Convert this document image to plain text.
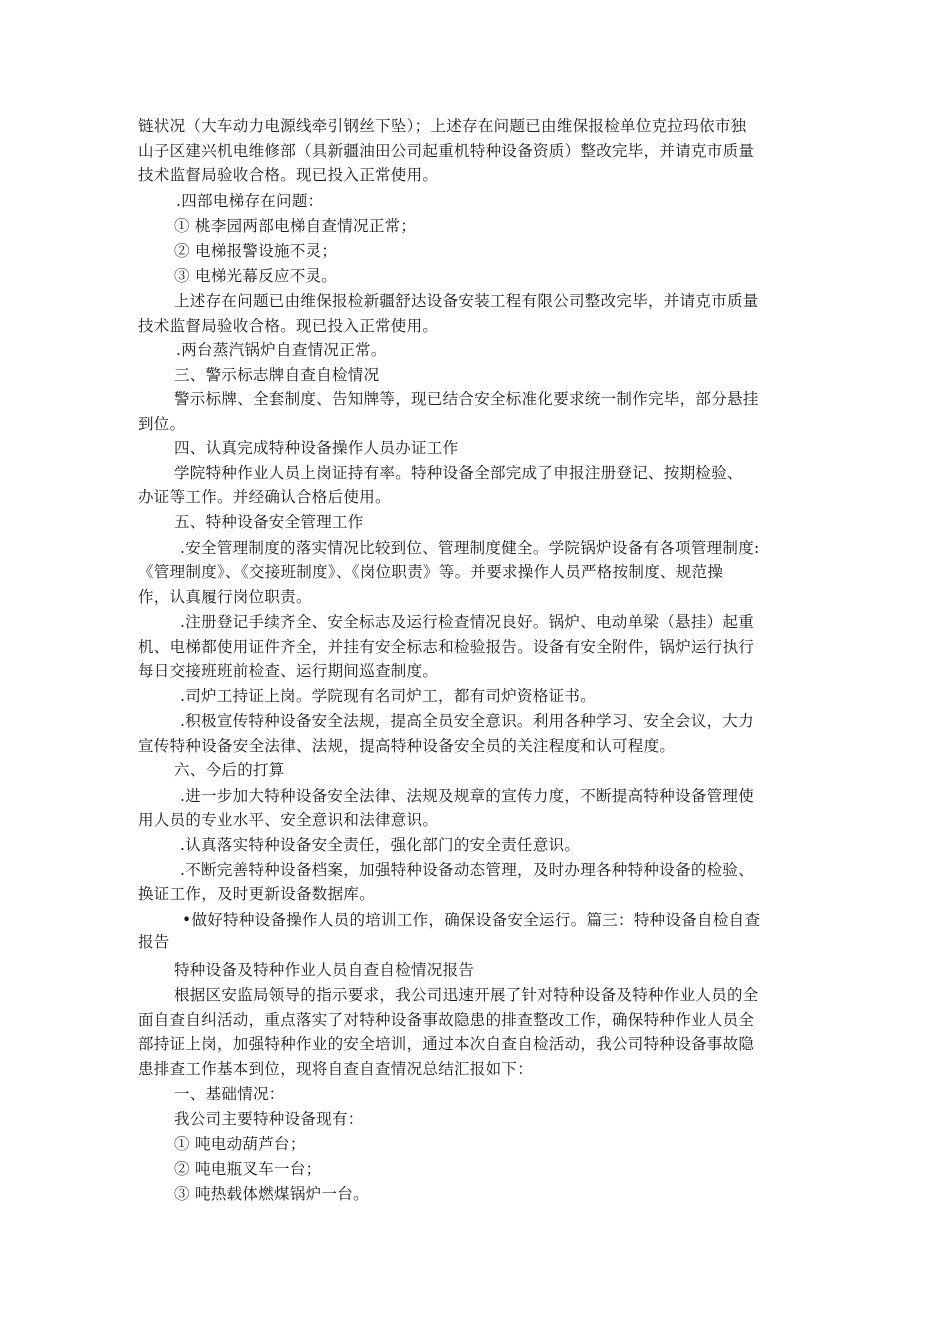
链状况（大车动力电源线牵引钢丝下坠）；上述存在问题已由维保报检单位克拉玛依市独
山子区建兴机电维修部（具新疆油田公司起重机特种设备资质）整改完毕，并请克市质量
技术监督局验收合格。现已投入正常使用。
.四部电梯存在问题：
① 桃李园两部电梯自查情况正常；
② 电梯报警设施不灵；
③ 电梯光幕反应不灵。
上述存在问题已由维保报检新疆舒达设备安装工程有限公司整改完毕，并请克市质量
技术监督局验收合格。现已投入正常使用。
.两台蒸汽锅炉自查情况正常。
三、警示标志牌自查自检情况
警示标牌、全套制度、告知牌等，现已结合安全标准化要求统一制作完毕，部分悬挂
到位。
四、认真完成特种设备操作人员办证工作
学院特种作业人员上岗证持有率。特种设备全部完成了申报注册登记、按期检验、
办证等工作。并经确认合格后使用。
五、特种设备安全管理工作
.安全管理制度的落实情况比较到位、管理制度健全。学院锅炉设备有各项管理制度:
《管理制度》、《交接班制度》、《岗位职责》等。并要求操作人员严格按制度、规范操
作，认真履行岗位职责。
.注册登记手续齐全、安全标志及运行检查情况良好。锅炉、电动单梁（悬挂）起重
机、电梯都使用证件齐全，并挂有安全标志和检验报告。设备有安全附件，锅炉运行执行
每日交接班班前检查、运行期间巡查制度。
.司炉工持证上岗。学院现有名司炉工，都有司炉资格证书。
.积极宣传特种设备安全法规，提高全员安全意识。利用各种学习、安全会议，大力
宣传特种设备安全法律、法规，提高特种设备安全员的关注程度和认可程度。
六、今后的打算
.进一步加大特种设备安全法律、法规及规章的宣传力度，不断提高特种设备管理使
用人员的专业水平、安全意识和法律意识。
.认真落实特种设备安全责任，强化部门的安全责任意识。
.不断完善特种设备档案，加强特种设备动态管理，及时办理各种特种设备的检验、
换证工作，及时更新设备数据库。
•做好特种设备操作人员的培训工作，确保设备安全运行。篇三：特种设备自检自查
报告
特种设备及特种作业人员自查自检情况报告
根据区安监局领导的指示要求，我公司迅速开展了针对特种设备及特种作业人员的全
面自查自纠活动，重点落实了对特种设备事故隐患的排查整改工作，确保特种作业人员全
部持证上岗，加强特种作业的安全培训，通过本次自查自检活动，我公司特种设备事故隐
患排查工作基本到位，现将自查自查情况总结汇报如下：
一、基础情况：
我公司主要特种设备现有：
① 吨电动葫芦台；
② 吨电瓶叉车一台；
③ 吨热载体燃煤锅炉一台。
